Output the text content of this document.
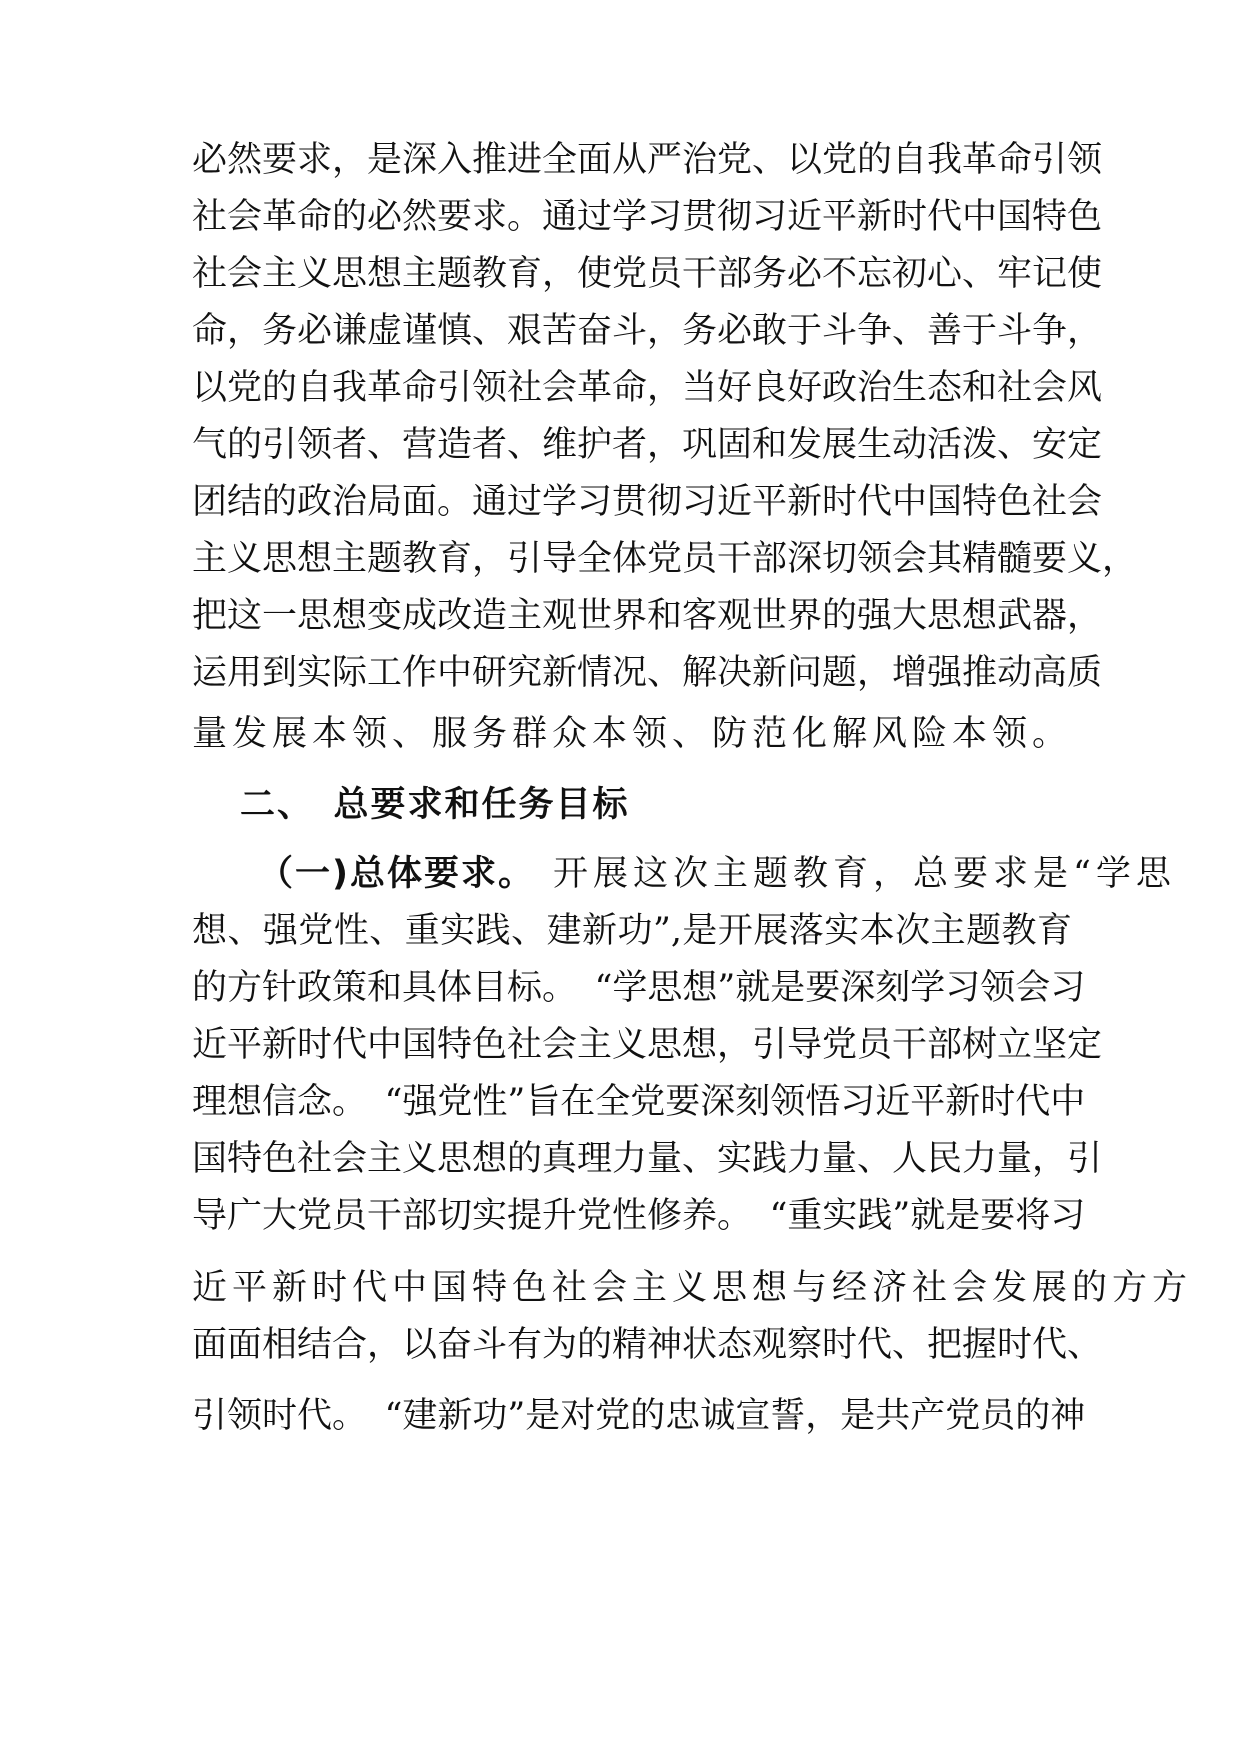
必然要求，是深入推进全面从严治党、以党的自我革命引领
社会革命的必然要求。通过学习贯彻习近平新时代中国特色
社会主义思想主题教育，使党员干部务必不忘初心、牢记使
命，务必谦虚谨慎、艰苦奋斗，务必敢于斗争、善于斗争，
以党的自我革命引领社会革命，当好良好政治生态和社会风
气的引领者、营造者、维护者，巩固和发展生动活泼、安定
团结的政治局面。通过学习贯彻习近平新时代中国特色社会
主义思想主题教育，引导全体党员干部深切领会其精髓要义，
把这一思想变成改造主观世界和客观世界的强大思想武器，
运用到实际工作中研究新情况、解决新问题，增强推动高质
量发展本领、服务群众本领、防范化解风险本领。
二、　总要求和任务目标
（一)总体要求。 开展这次主题教育，总要求是“学思
想、强党性、重实践、建新功”,是开展落实本次主题教育
的方针政策和具体目标。　“学思想”就是要深刻学习领会习
近平新时代中国特色社会主义思想，引导党员干部树立坚定
理想信念。　“强党性”旨在全党要深刻领悟习近平新时代中
国特色社会主义思想的真理力量、实践力量、人民力量，引
导广大党员干部切实提升党性修养。　“重实践”就是要将习
近平新时代中国特色社会主义思想与经济社会发展的方方
面面相结合，以奋斗有为的精神状态观察时代、把握时代、
引领时代。　“建新功”是对党的忠诚宣誓，是共产党员的神
